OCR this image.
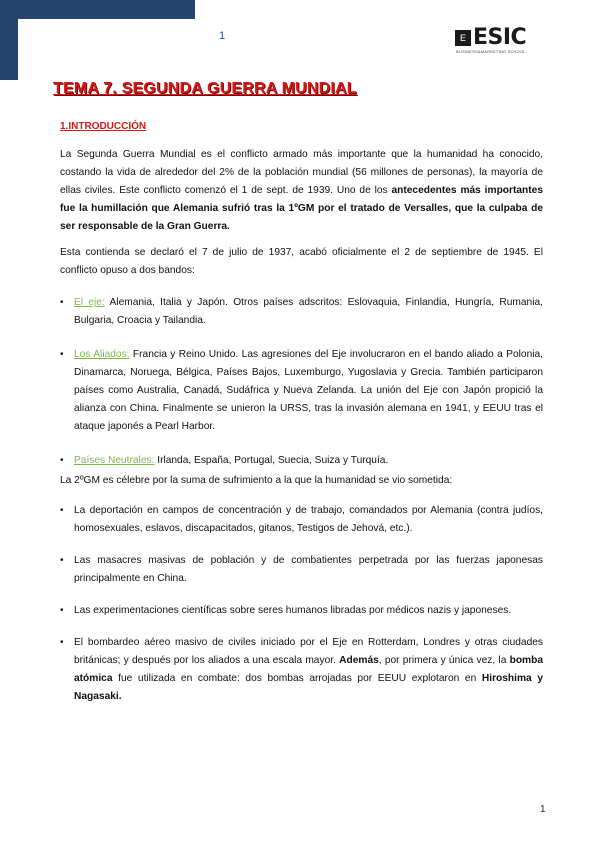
1	E ESIC
BUSINESS&MARKETING SCHOOL
TEMA 7. SEGUNDA GUERRA MUNDIAL
1.INTRODUCCIÓN
La Segunda Guerra Mundial es el conflicto armado más importante que la humanidad ha conocido, costando la vida de alrededor del 2% de la población mundial (56 millones de personas), la mayoría de ellas civiles. Este conflicto comenzó el 1 de sept. de 1939. Uno de los antecedentes más importantes fue la humillación que Alemania sufrió tras la 1ºGM por el tratado de Versalles, que la culpaba de ser responsable de la Gran Guerra.
Esta contienda se declaró el 7 de julio de 1937, acabó oficialmente el 2 de septiembre de 1945. El conflicto opuso a dos bandos:
• El eje: Alemania, Italia y Japón. Otros países adscritos: Eslovaquia, Finlandia, Hungría, Rumania, Bulgaria, Croacia y Tailandia.
• Los Aliados: Francia y Reino Unido. Las agresiones del Eje involucraron en el bando aliado a Polonia, Dinamarca, Noruega, Bélgica, Países Bajos, Luxemburgo, Yugoslavia y Grecia. También participaron países como Australia, Canadá, Sudáfrica y Nueva Zelanda. La unión del Eje con Japón propició la alianza con China. Finalmente se unieron la URSS, tras la invasión alemana en 1941, y EEUU tras el ataque japonés a Pearl Harbor.
• Países Neutrales: Irlanda, España, Portugal, Suecia, Suiza y Turquía.
La 2ºGM es célebre por la suma de sufrimiento a la que la humanidad se vio sometida:
• La deportación en campos de concentración y de trabajo, comandados por Alemania (contra judíos, homosexuales, eslavos, discapacitados, gitanos, Testigos de Jehová, etc.).
• Las masacres masivas de población y de combatientes perpetrada por las fuerzas japonesas principalmente en China.
• Las experimentaciones científicas sobre seres humanos libradas por médicos nazis y japoneses.
• El bombardeo aéreo masivo de civiles iniciado por el Eje en Rotterdam, Londres y otras ciudades británicas; y después por los aliados a una escala mayor. Además, por primera y única vez, la bomba atómica fue utilizada en combate: dos bombas arrojadas por EEUU explotaron en Hiroshima y Nagasaki.
1
